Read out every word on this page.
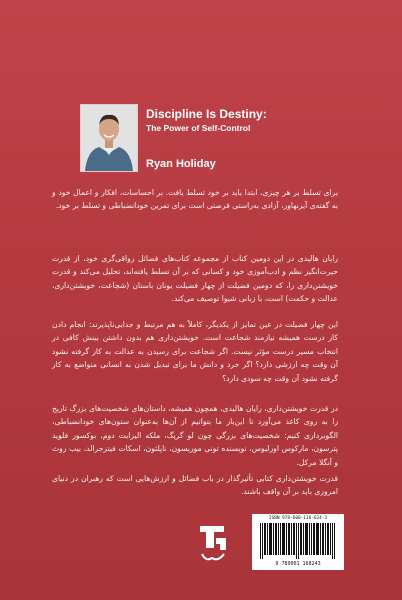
Discipline Is Destiny:
The Power of Self-Control
Ryan Holiday
برای تسلط بر هر چیزی، ابتدا باید بر خود تسلط یافت. بر احساسات، افکار و اعمال خود و به گفته‌ی آیزنهاور، آزادی به‌راستی فرصتی است برای تمرین خودانضباطی و تسلط بر خود.
رایان هالیدی در این دومین کتاب از مجموعه کتاب‌های فضائل رواقی‌گری خود، از قدرت حیرت‌انگیز نظم و ادب‌آموزی خود و کسانی که بر آن تسلط یافته‌اند، تحلیل می‌کند و قدرت خویشتن‌داری را، که دومین فضیلت از چهار فضیلت یونان باستان (شجاعت، خویشتن‌داری، عدالت و حکمت) است، با زبانی شیوا توصیف می‌کند.
این چهار فضیلت در عین تمایز از یکدیگر، کاملاً به هم مرتبط و جدایی‌ناپذیرند: انجام دادن کار درست همیشه نیازمند شجاعت است. خویشتن‌داری هم بدون داشتن بینش کافی در انتخاب مسیر درست مؤثر نیست. اگر شجاعت برای رسیدن به عدالت به کار گرفته نشود آن وقت چه ارزشی دارد؟ اگر خرد و دانش ما برای تبدیل شدن به انسانی متواضع به کار گرفته نشود آن وقت چه سودی دارد؟
در قدرت خویشتن‌داری، رایان هالیدی، همچون همیشه، داستان‌های شخصیت‌های بزرگ تاریخ را به روی کاغذ می‌آورد تا این‌بار ما بتوانیم از آن‌ها به‌عنوان ستون‌های خودانضباطی، الگوبرداری کنیم: شخصیت‌های بزرگی چون لو گریگ، ملکه الیزابت دوم، بوکسور فلوید پترسون، مارکوس اورلیوس، نویسنده تونی موریسون، ناپلئون، اسکات فیتزجرالد، بیب روث و آنگلا مرکل.
قدرت خویشتن‌داری کتابی تأثیرگذار در باب فضائل و ارزش‌هایی است که رهبران در دنیای امروزی باید بر آن واقف باشند.
ISBN 978-600-116-624-3
9 789001 168243
